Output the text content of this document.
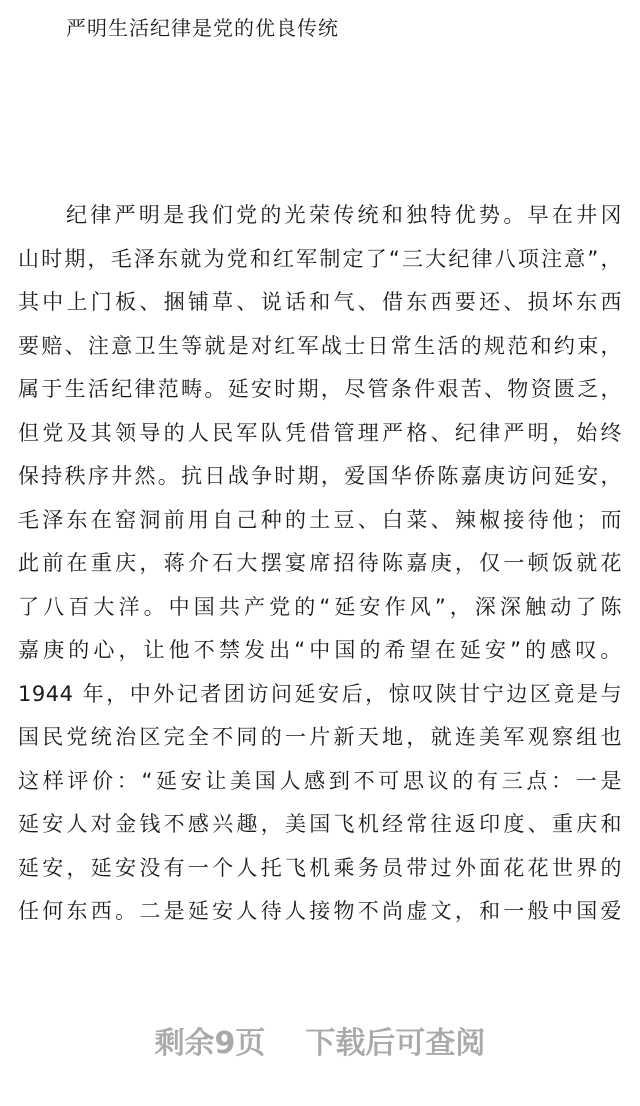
严明生活纪律是党的优良传统
纪律严明是我们党的光荣传统和独特优势。早在井冈
山时期，毛泽东就为党和红军制定了“三大纪律八项注意”，
其中上门板、捆铺草、说话和气、借东西要还、损坏东西
要赔、注意卫生等就是对红军战士日常生活的规范和约束，
属于生活纪律范畴。延安时期，尽管条件艰苦、物资匮乏，
但党及其领导的人民军队凭借管理严格、纪律严明，始终
保持秩序井然。抗日战争时期，爱国华侨陈嘉庚访问延安，
毛泽东在窑洞前用自己种的土豆、白菜、辣椒接待他；而
此前在重庆，蒋介石大摆宴席招待陈嘉庚，仅一顿饭就花
了八百大洋。中国共产党的“延安作风”，深深触动了陈
嘉庚的心，让他不禁发出“中国的希望在延安”的感叹。
1944 年，中外记者团访问延安后，惊叹陕甘宁边区竟是与
国民党统治区完全不同的一片新天地，就连美军观察组也
这样评价：“延安让美国人感到不可思议的有三点：一是
延安人对金钱不感兴趣，美国飞机经常往返印度、重庆和
延安，延安没有一个人托飞机乘务员带过外面花花世界的
任何东西。二是延安人待人接物不尚虚文，和一般中国爱
剩余9页 下载后可查阅
